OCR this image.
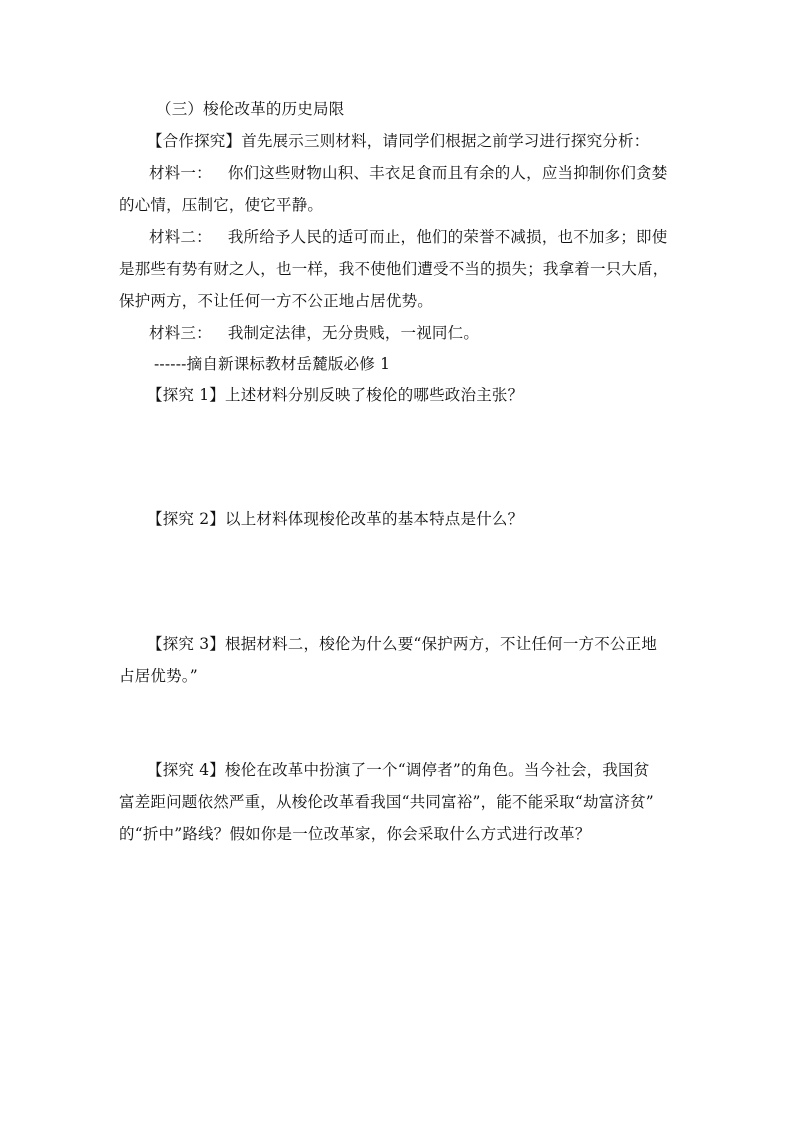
（三）梭伦改革的历史局限
【合作探究】首先展示三则材料，请同学们根据之前学习进行探究分析：
材料一： 你们这些财物山积、丰衣足食而且有余的人，应当抑制你们贪婪
的心情，压制它，使它平静。
材料二： 我所给予人民的适可而止，他们的荣誉不减损，也不加多；即使
是那些有势有财之人，也一样，我不使他们遭受不当的损失；我拿着一只大盾，
保护两方，不让任何一方不公正地占居优势。
材料三： 我制定法律，无分贵贱，一视同仁。
------摘自新课标教材岳麓版必修 1
【探究 1】上述材料分别反映了梭伦的哪些政治主张？
【探究 2】以上材料体现梭伦改革的基本特点是什么？
【探究 3】根据材料二，梭伦为什么要“保护两方，不让任何一方不公正地
占居优势。”
【探究 4】梭伦在改革中扮演了一个“调停者”的角色。当今社会，我国贫
富差距问题依然严重，从梭伦改革看我国“共同富裕”，能不能采取“劫富济贫”
的“折中”路线？假如你是一位改革家，你会采取什么方式进行改革？
